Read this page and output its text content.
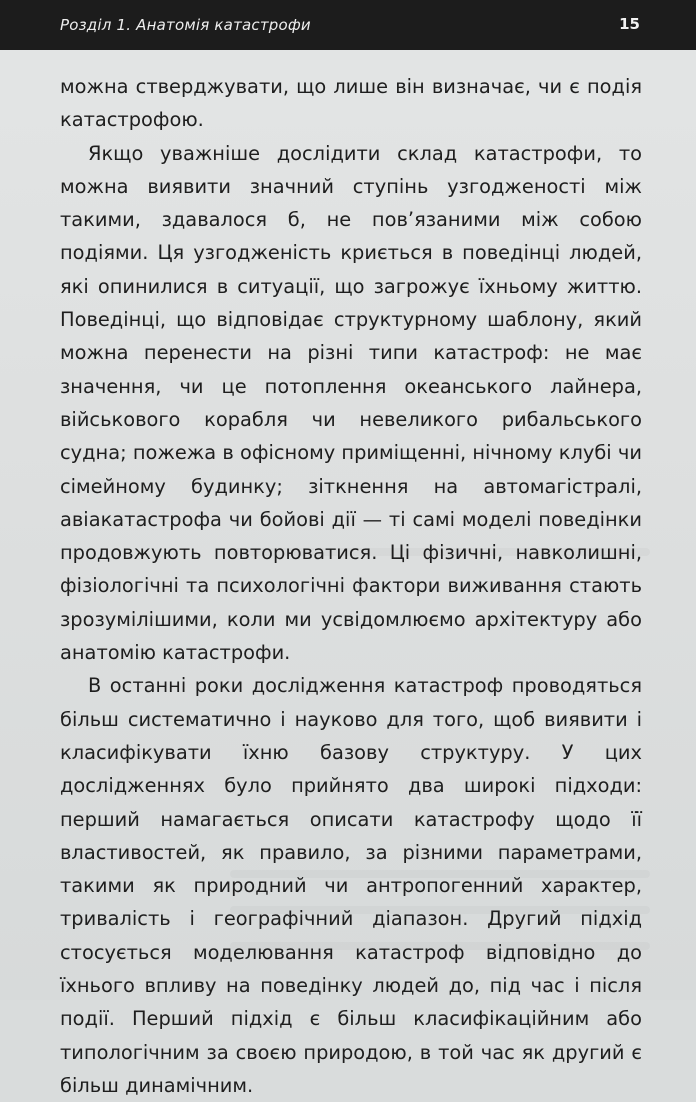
Розділ 1. Анатомія катастрофи	15

можна стверджувати, що лише він визначає, чи є подія катастрофою.

Якщо уважніше дослідити склад катастрофи, то можна виявити значний ступінь узгодженості між такими, здавалося б, не пов’язаними між собою подіями. Ця узгодженість криється в поведінці людей, які опинилися в ситуації, що загрожує їхньому життю. Поведінці, що відповідає структурному шаблону, який можна перенести на різні типи катастроф: не має значення, чи це потоплення океанського лайнера, військового корабля чи невеликого рибальського судна; пожежа в офісному приміщенні, нічному клубі чи сімейному будинку; зіткнення на автомагістралі, авіакатастрофа чи бойові дії — ті самі моделі поведінки продовжують повторюватися. Ці фізичні, навколишні, фізіологічні та психологічні фактори виживання стають зрозумілішими, коли ми усвідомлюємо архітектуру або анатомію катастрофи.

В останні роки дослідження катастроф проводяться більш систематично і науково для того, щоб виявити і класифікувати їхню базову структуру. У цих дослідженнях було прийнято два широкі підходи: перший намагається описати катастрофу щодо її властивостей, як правило, за різними параметрами, такими як природний чи антропогенний характер, тривалість і географічний діапазон. Другий підхід стосується моделювання катастроф відповідно до їхнього впливу на поведінку людей до, під час і після події. Перший підхід є більш класифікаційним або типологічним за своєю природою, в той час як другий є більш динамічним.
